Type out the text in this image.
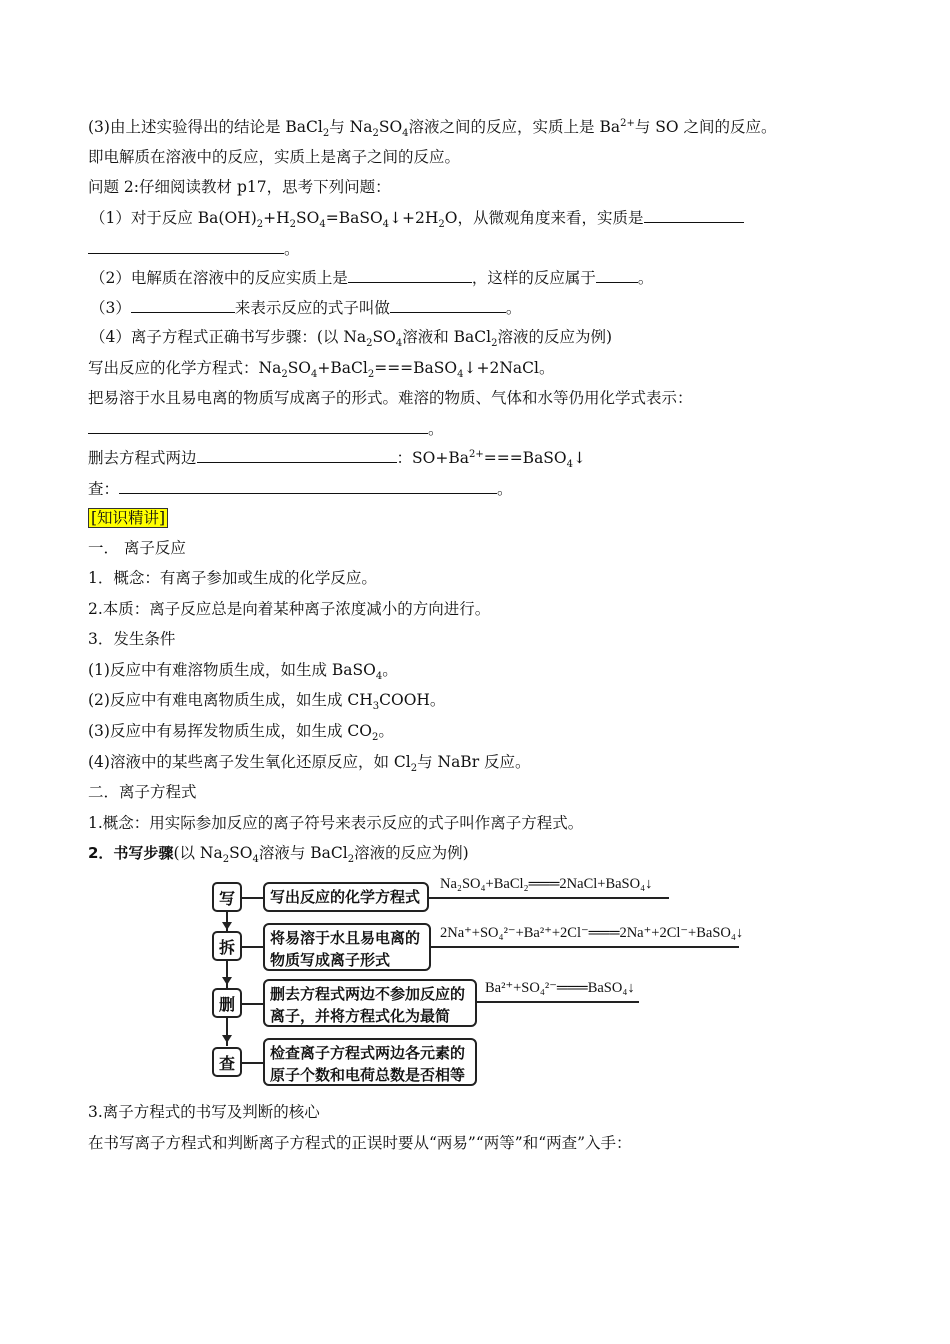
(3)由上述实验得出的结论是 BaCl$_2$与 $Na_2SO_4$溶液之间的反应，实质上是 $Ba^{2+}$与 SO 之间的反应。
即电解质在溶液中的反应，实质上是离子之间的反应。
问题 2:仔细阅读教材 p17，思考下列问题：
（1）对于反应 $Ba(OH)_2+H_2SO_4=BaSO_4↓+2H_2O$，从微观角度来看，实质是
。
（2）电解质在溶液中的反应实质上是	，这样的反应属于	。
（3）	来表示反应的式子叫做	。
（4）离子方程式正确书写步骤：(以 $Na_2SO_4$溶液和 BaCl$_2$溶液的反应为例)
写出反应的化学方程式：$Na_2SO_4+BaCl_2===BaSO_4↓+2NaCl$。
把易溶于水且易电离的物质写成离子的形式。难溶的物质、气体和水等仍用化学式表示：
。
删去方程式两边	：$SO+Ba^{2+}===BaSO_4↓$
查：	。
[知识精讲]
一． 离子反应
1．概念：有离子参加或生成的化学反应。
2.本质：离子反应总是向着某种离子浓度减小的方向进行。
3．发生条件
(1)反应中有难溶物质生成，如生成 BaSO$_4$。
(2)反应中有难电离物质生成，如生成 $CH_3COOH$。
(3)反应中有易挥发物质生成，如生成 $CO_2$。
(4)溶液中的某些离子发生氧化还原反应，如 $Cl_2$与 NaBr 反应。
二．离子方程式
1.概念：用实际参加反应的离子符号来表示反应的式子叫作离子方程式。
2．书写步骤(以 $Na_2SO_4$溶液与 BaCl$_2$溶液的反应为例)
写
拆
删
查
写出反应的化学方程式
将易溶于水且易电离的
物质写成离子形式
删去方程式两边不参加反应的
离子，并将方程式化为最简
检查离子方程式两边各元素的
原子个数和电荷总数是否相等
Na₂SO₄+BaCl₂═══2NaCl+BaSO₄↓
2Na⁺+SO₄²⁻+Ba²⁺+2Cl⁻═══2Na⁺+2Cl⁻+BaSO₄↓
Ba²⁺+SO₄²⁻═══BaSO₄↓
3.离子方程式的书写及判断的核心
在书写离子方程式和判断离子方程式的正误时要从“两易”“两等”和“两查”入手：
